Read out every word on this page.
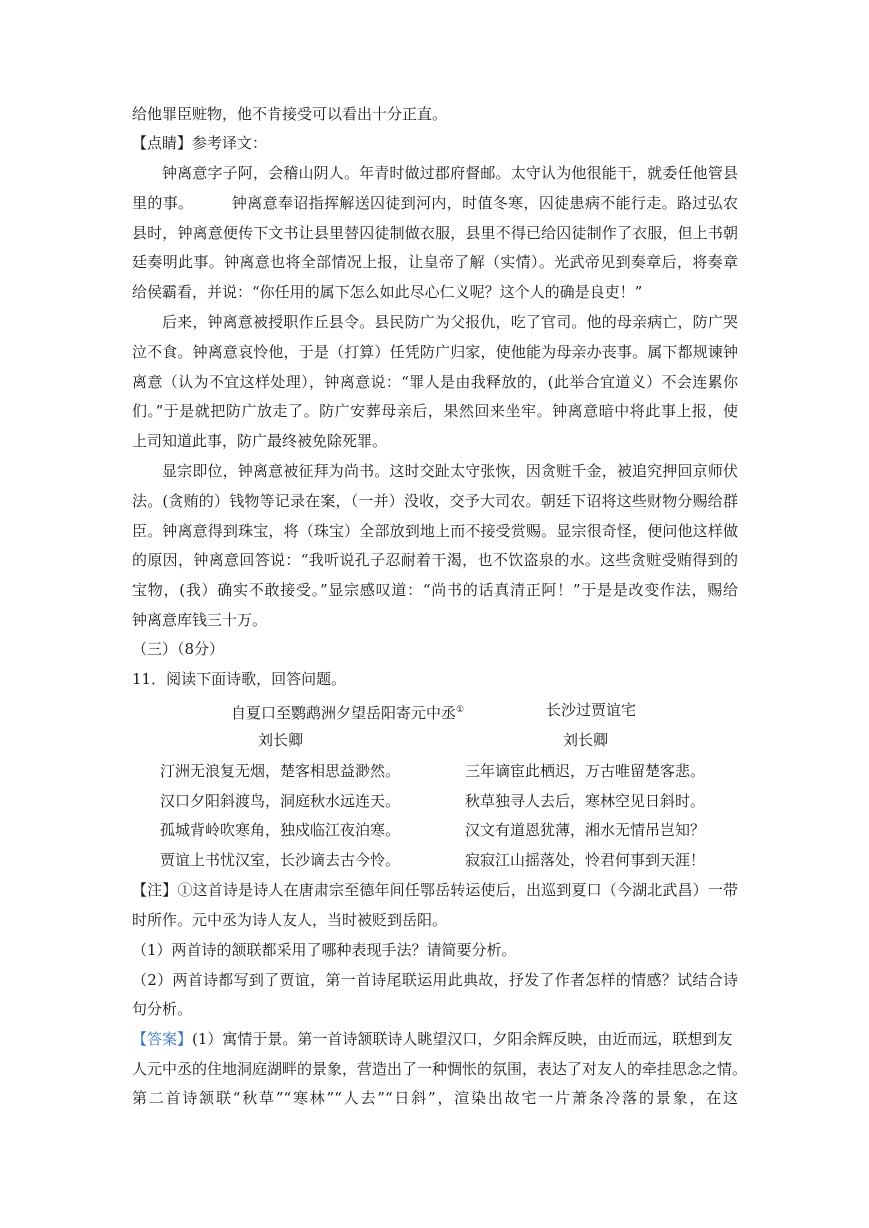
给他罪臣赃物，他不肯接受可以看出十分正直。
【点睛】参考译文：
钟离意字子阿，会稽山阴人。年青时做过郡府督邮。太守认为他很能干，就委任他管县
里的事。　　　钟离意奉诏指挥解送囚徒到河内，时值冬寒，囚徒患病不能行走。路过弘农
县时，钟离意便传下文书让县里替囚徒制做衣服，县里不得已给囚徒制作了衣服，但上书朝
廷奏明此事。钟离意也将全部情况上报，让皇帝了解（实情）。光武帝见到奏章后，将奏章
给侯霸看，并说：“你任用的属下怎么如此尽心仁义呢？这个人的确是良吏！”
后来，钟离意被授职作丘县令。县民防广为父报仇，吃了官司。他的母亲病亡，防广哭
泣不食。钟离意哀怜他，于是（打算）任凭防广归家，使他能为母亲办丧事。属下都规谏钟
离意（认为不宜这样处理），钟离意说：“罪人是由我释放的，(此举合宜道义）不会连累你
们。”于是就把防广放走了。防广安葬母亲后，果然回来坐牢。钟离意暗中将此事上报，使
上司知道此事，防广最终被免除死罪。
显宗即位，钟离意被征拜为尚书。这时交趾太守张恢，因贪赃千金，被追究押回京师伏
法。(贪贿的）钱物等记录在案，（一并）没收，交予大司农。朝廷下诏将这些财物分赐给群
臣。钟离意得到珠宝，将（珠宝）全部放到地上而不接受赏赐。显宗很奇怪，便问他这样做
的原因，钟离意回答说：“我听说孔子忍耐着干渴，也不饮盗泉的水。这些贪赃受贿得到的
宝物，(我）确实不敢接受。”显宗感叹道：“尚书的话真清正阿！”于是是改变作法，赐给
钟离意库钱三十万。
（三）（8分）
11．阅读下面诗歌，回答问题。
自夏口至鹦鹉洲夕望岳阳寄元中丞①	长沙过贾谊宅
刘长卿	刘长卿
汀洲无浪复无烟，楚客相思益渺然。	三年谪宦此栖迟，万古唯留楚客悲。
汉口夕阳斜渡鸟，洞庭秋水远连天。	秋草独寻人去后，寒林空见日斜时。
孤城背岭吹寒角，独戍临江夜泊寒。	汉文有道恩犹薄，湘水无情吊岂知？
贾谊上书忧汉室，长沙谪去古今怜。	寂寂江山摇落处，怜君何事到天涯！
【注】①这首诗是诗人在唐肃宗至德年间任鄂岳转运使后，出巡到夏口（今湖北武昌）一带
时所作。元中丞为诗人友人，当时被贬到岳阳。
（1）两首诗的颔联都采用了哪种表现手法？请简要分析。
（2）两首诗都写到了贾谊，第一首诗尾联运用此典故，抒发了作者怎样的情感？试结合诗
句分析。
【答案】(1）寓情于景。第一首诗颔联诗人眺望汉口，夕阳余辉反映，由近而远，联想到友
人元中丞的住地洞庭湖畔的景象，营造出了一种惆怅的氛围，表达了对友人的牵挂思念之情。
第二首诗颔联“秋草”“寒林”“人去”“日斜”，渲染出故宅一片萧条冷落的景象，在这
